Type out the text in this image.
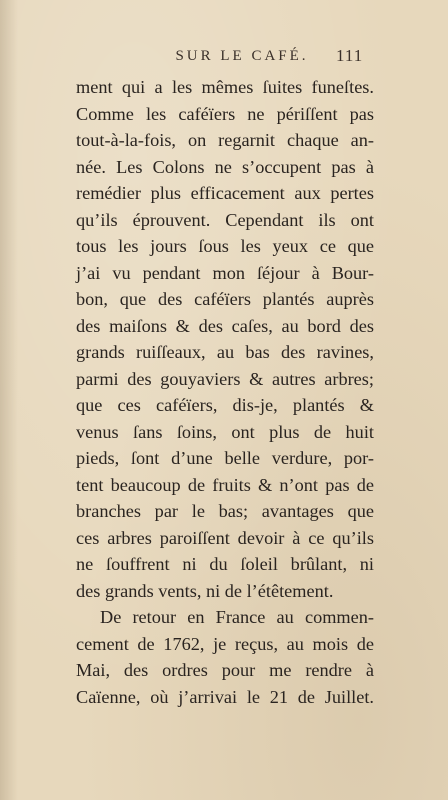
SUR LE CAFÉ.	111
ment qui a les mêmes ſuites funeſtes.
Comme les caféïers ne périſſent pas
tout-à-la-fois, on regarnit chaque an-
née. Les Colons ne s’occupent pas à
remédier plus efficacement aux pertes
qu’ils éprouvent. Cependant ils ont
tous les jours ſous les yeux ce que
j’ai vu pendant mon ſéjour à Bour-
bon, que des caféïers plantés auprès
des maiſons & des caſes, au bord des
grands ruiſſeaux, au bas des ravines,
parmi des gouyaviers & autres arbres;
que ces caféïers, dis-je, plantés &
venus ſans ſoins, ont plus de huit
pieds, ſont d’une belle verdure, por-
tent beaucoup de fruits & n’ont pas de
branches par le bas; avantages que
ces arbres paroiſſent devoir à ce qu’ils
ne ſouffrent ni du ſoleil brûlant, ni
des grands vents, ni de l’étêtement.
De retour en France au commen-
cement de 1762, je reçus, au mois de
Mai, des ordres pour me rendre à
Caïenne, où j’arrivai le 21 de Juillet.
